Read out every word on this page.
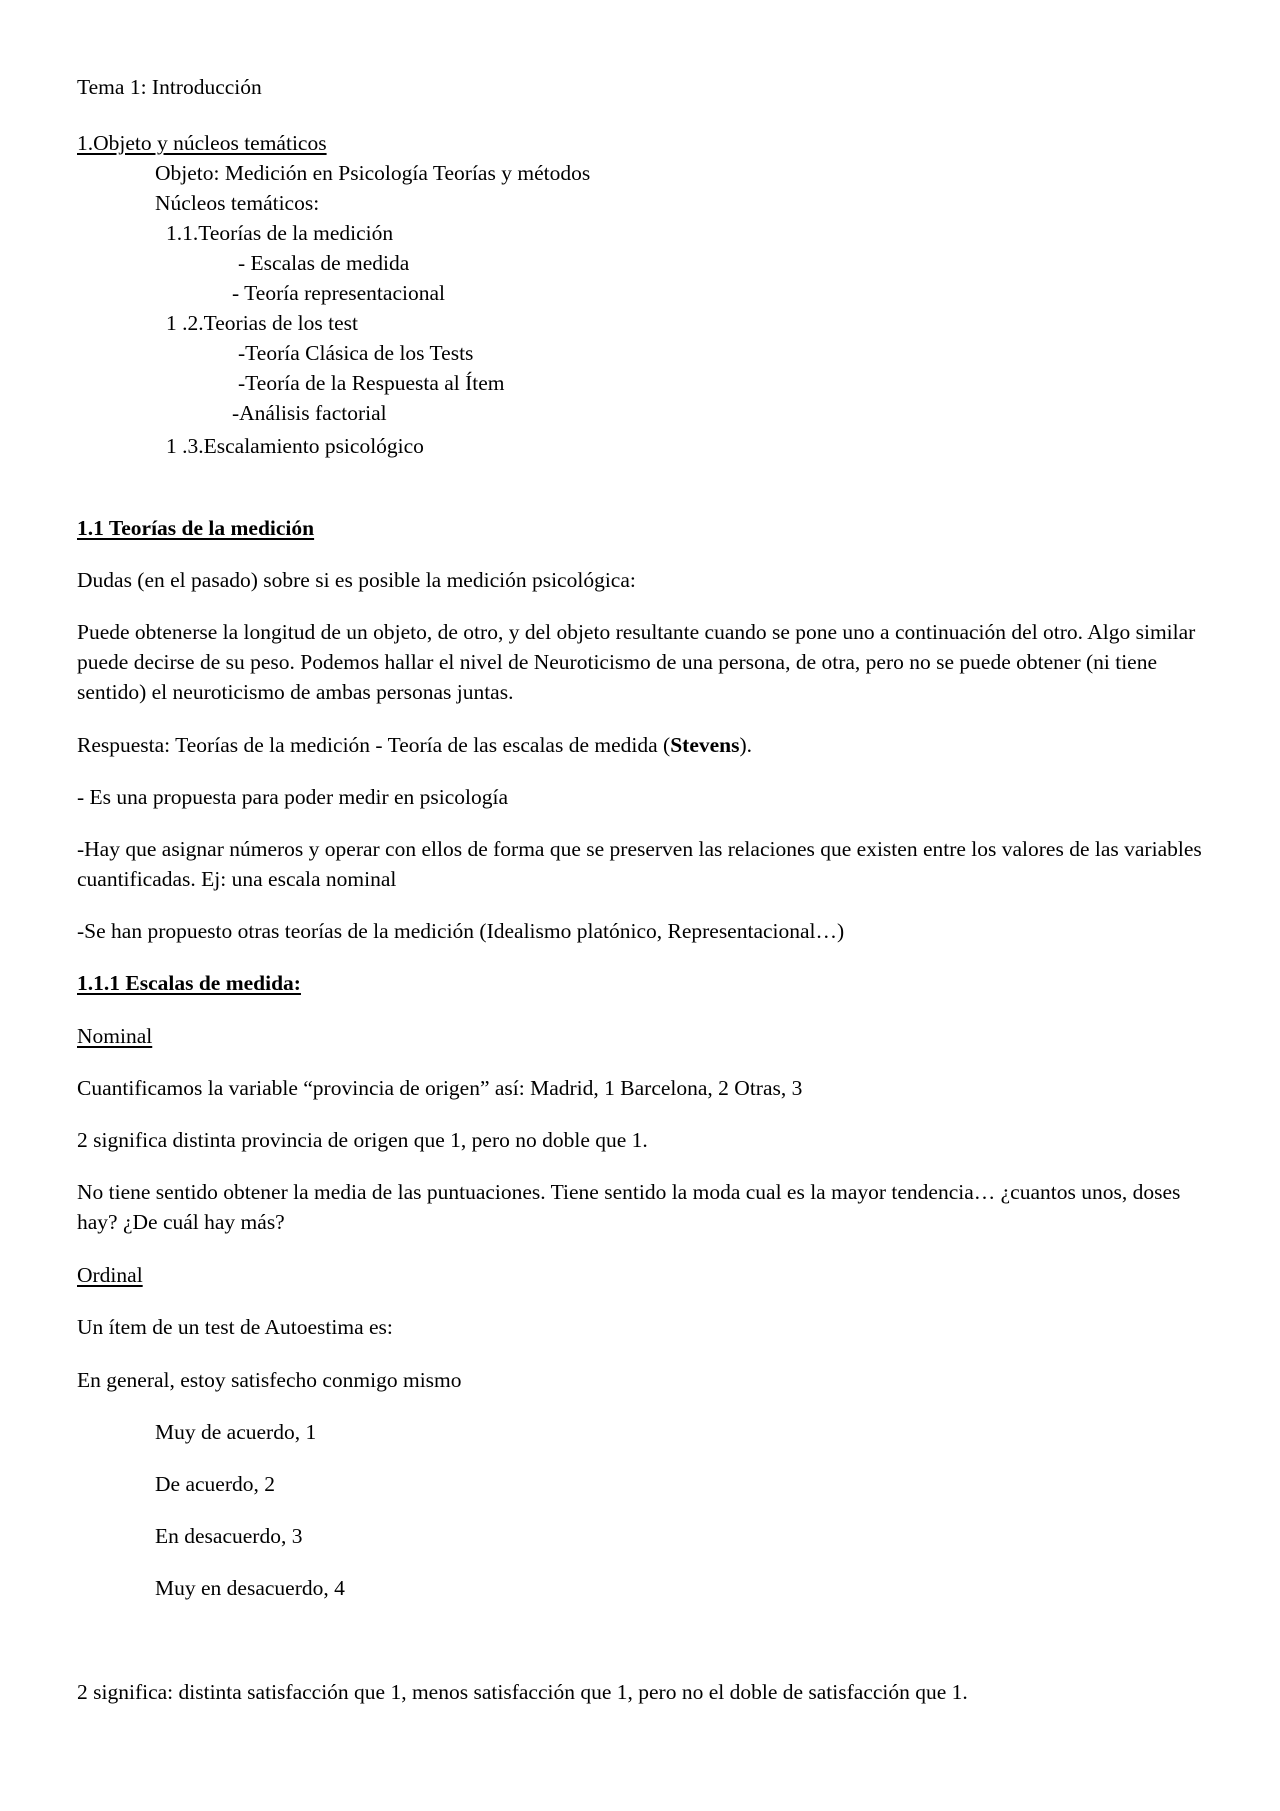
Tema 1: Introducción
1.Objeto y núcleos temáticos
Objeto: Medición en Psicología Teorías y métodos
Núcleos temáticos:
1.1.Teorías de la medición
- Escalas de medida
- Teoría representacional
1 .2.Teorias de los test
-Teoría Clásica de los Tests
-Teoría de la Respuesta al Ítem
-Análisis factorial
1 .3.Escalamiento psicológico
1.1 Teorías de la medición
Dudas (en el pasado) sobre si es posible la medición psicológica:
Puede obtenerse la longitud de un objeto, de otro, y del objeto resultante cuando se pone uno a continuación del otro. Algo similar puede decirse de su peso. Podemos hallar el nivel de Neuroticismo de una persona, de otra, pero no se puede obtener (ni tiene sentido) el neuroticismo de ambas personas juntas.
Respuesta: Teorías de la medición - Teoría de las escalas de medida (Stevens).
- Es una propuesta para poder medir en psicología
-Hay que asignar números y operar con ellos de forma que se preserven las relaciones que existen entre los valores de las variables cuantificadas. Ej: una escala nominal
-Se han propuesto otras teorías de la medición (Idealismo platónico, Representacional…)
1.1.1 Escalas de medida:
Nominal
Cuantificamos la variable “provincia de origen” así: Madrid, 1 Barcelona, 2 Otras, 3
2 significa distinta provincia de origen que 1, pero no doble que 1.
No tiene sentido obtener la media de las puntuaciones. Tiene sentido la moda cual es la mayor tendencia… ¿cuantos unos, doses hay? ¿De cuál hay más?
Ordinal
Un ítem de un test de Autoestima es:
En general, estoy satisfecho conmigo mismo
Muy de acuerdo, 1
De acuerdo, 2
En desacuerdo, 3
Muy en desacuerdo, 4
2 significa: distinta satisfacción que 1, menos satisfacción que 1, pero no el doble de satisfacción que 1.
